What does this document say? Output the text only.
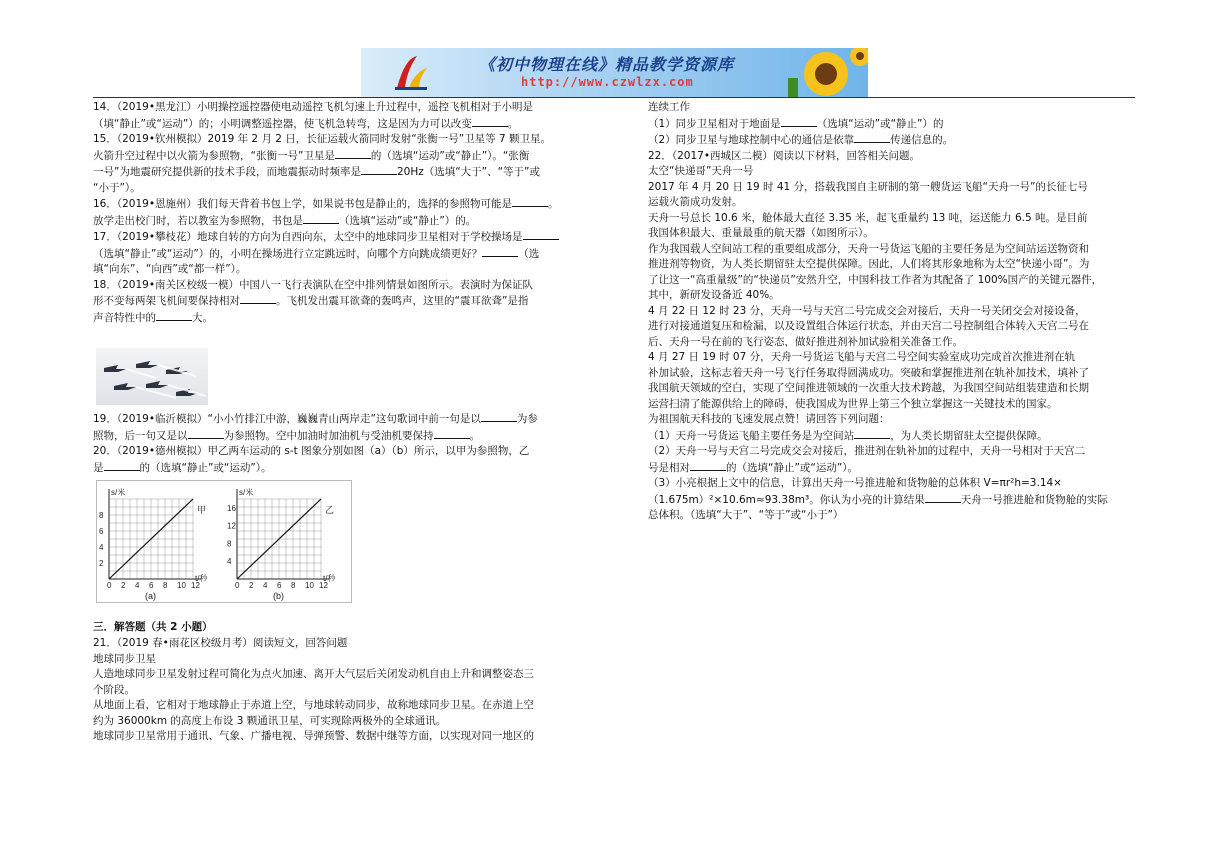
《初中物理在线》精品教学资源库
http://www.czwlzx.com

14．（2019•黑龙江）小明操控遥控器使电动遥控飞机匀速上升过程中，遥控飞机相对于小明是

（填“静止”或“运动”）的；小明调整遥控器，使飞机急转弯，这是因为力可以改变	。

15．（2019•钦州模拟）2019 年 2 月 2 日，长征运载火箭同时发射“张衡一号”卫星等 7 颗卫星。

火箭升空过程中以火箭为参照物，“张衡一号”卫星是	的（选填“运动”或“静止”）。“张衡

一号”为地震研究提供新的技术手段，而地震振动时频率是	20Hz（选填“大于”、“等于”或

“小于”）。

16．（2019•恩施州）我们每天背着书包上学，如果说书包是静止的，选择的参照物可能是	。

放学走出校门时，若以教室为参照物，书包是	（选填“运动”或“静止”）的。

17．（2019•攀枝花）地球自转的方向为自西向东，太空中的地球同步卫星相对于学校操场是

（选填“静止”或“运动”）的，小明在操场进行立定跳远时，向哪个方向跳成绩更好？	（选

填“向东”、“向西”或“都一样”）。

18．（2019•南关区校级一模）中国八一飞行表演队在空中排列情景如图所示。表演时为保证队

形不变每两架飞机间要保持相对	。飞机发出震耳欲聋的轰鸣声，这里的“震耳欲聋”是指

声音特性中的	大。

19．（2019•临沂模拟）“小小竹排江中游，巍巍青山两岸走”这句歌词中前一句是以	为参

照物，后一句又是以	为参照物。空中加油时加油机与受油机要保持	。

20．（2019•德州模拟）甲乙两车运动的 s-t 图象分别如图（a）（b）所示，以甲为参照物，乙

是	的（选填“静止”或“运动”）。

0 2 4 6 8 10 12
2
4
6
8
s/米
t/秒
甲
(a)
0 2 4 6 8 10 12
4
8
12
16
s/米
t/秒
乙
(b)

三．解答题（共 2 小题）

21．（2019 春•雨花区校级月考）阅读短文，回答问题

地球同步卫星

人造地球同步卫星发射过程可简化为点火加速、离开大气层后关闭发动机自由上升和调整姿态三

个阶段。

从地面上看，它相对于地球静止于赤道上空，与地球转动同步，故称地球同步卫星。在赤道上空

约为 36000km 的高度上布设 3 颗通讯卫星，可实现除两极外的全球通讯。

地球同步卫星常用于通讯、气象、广播电视、导弹预警、数据中继等方面，以实现对同一地区的

连续工作

（1）同步卫星相对于地面是	（选填“运动”或“静止”）的

（2）同步卫星与地球控制中心的通信是依靠	传递信息的。

22．（2017•西城区二模）阅读以下材料，回答相关问题。

太空“快递哥”天舟一号

2017 年 4 月 20 日 19 时 41 分，搭载我国自主研制的第一艘货运飞船“天舟一号”的长征七号

运载火箭成功发射。

天舟一号总长 10.6 米，舱体最大直径 3.35 米，起飞重量约 13 吨，运送能力 6.5 吨。是目前

我国体积最大、重量最重的航天器（如图所示）。

作为我国载人空间站工程的重要组成部分，天舟一号货运飞船的主要任务是为空间站运送物资和

推进剂等物资，为人类长期留驻太空提供保障。因此，人们将其形象地称为太空“快递小哥”。为

了让这一“高重量级”的“快递员”安然升空，中国科技工作者为其配备了 100%国产的关键元器件，

其中，新研发设备近 40%。

4 月 22 日 12 时 23 分，天舟一号与天宫二号完成交会对接后，天舟一号关闭交会对接设备，

进行对接通道复压和检漏，以及设置组合体运行状态，并由天宫二号控制组合体转入天宫二号在

后、天舟一号在前的飞行姿态，做好推进剂补加试验相关准备工作。

4 月 27 日 19 时 07 分，天舟一号货运飞船与天宫二号空间实验室成功完成首次推进剂在轨

补加试验，这标志着天舟一号飞行任务取得圆满成功。突破和掌握推进剂在轨补加技术，填补了

我国航天领域的空白，实现了空间推进领域的一次重大技术跨越，为我国空间站组装建造和长期

运营扫清了能源供给上的障碍，使我国成为世界上第三个独立掌握这一关键技术的国家。

为祖国航天科技的飞速发展点赞！请回答下列问题：

（1）天舟一号货运飞船主要任务是为空间站	，为人类长期留驻太空提供保障。

（2）天舟一号与天宫二号完成交会对接后，推进剂在轨补加的过程中，天舟一号相对于天宫二

号是相对	的（选填“静止”或“运动”）。

（3）小亮根据上文中的信息，计算出天舟一号推进舱和货物舱的总体积 V=πr²h=3.14×

（1.675m）²×10.6m≈93.38m³。你认为小亮的计算结果	天舟一号推进舱和货物舱的实际

总体积。（选填“大于”、“等于”或“小于”）
